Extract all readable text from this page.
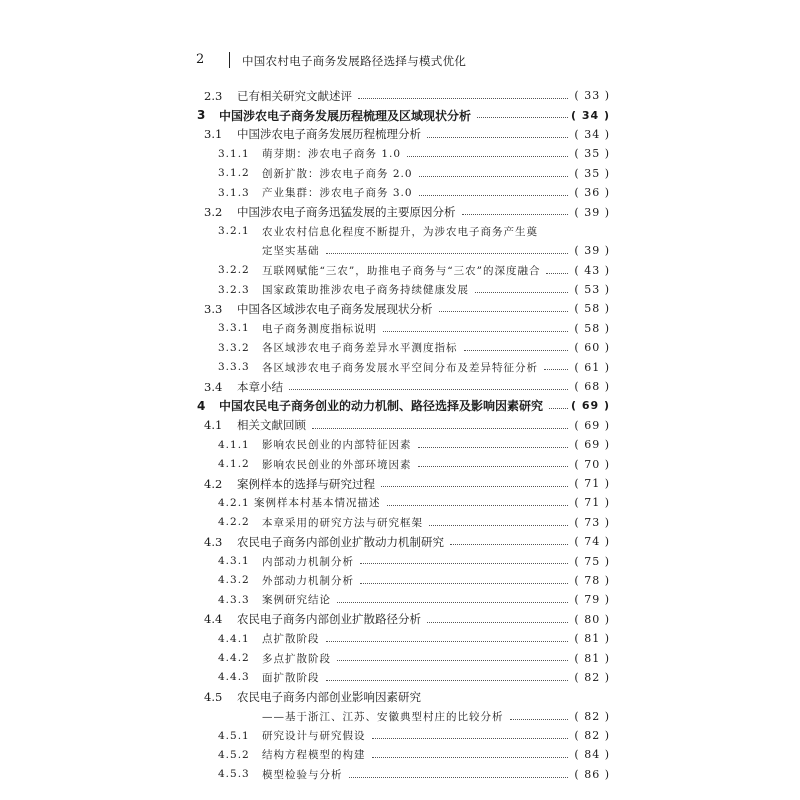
2	中国农村电子商务发展路径选择与模式优化
2.3	已有相关研究文献述评	( 33 )
3	中国涉农电子商务发展历程梳理及区域现状分析	( 34 )
3.1	中国涉农电子商务发展历程梳理分析	( 34 )
3.1.1	萌芽期：涉农电子商务 1.0	( 35 )
3.1.2	创新扩散：涉农电子商务 2.0	( 35 )
3.1.3	产业集群：涉农电子商务 3.0	( 36 )
3.2	中国涉农电子商务迅猛发展的主要原因分析	( 39 )
3.2.1	农业农村信息化程度不断提升，为涉农电子商务产生奠
定坚实基础	( 39 )
3.2.2	互联网赋能“三农”，助推电子商务与“三农”的深度融合	( 43 )
3.2.3	国家政策助推涉农电子商务持续健康发展	( 53 )
3.3	中国各区域涉农电子商务发展现状分析	( 58 )
3.3.1	电子商务测度指标说明	( 58 )
3.3.2	各区域涉农电子商务差异水平测度指标	( 60 )
3.3.3	各区域涉农电子商务发展水平空间分布及差异特征分析	( 61 )
3.4	本章小结	( 68 )
4	中国农民电子商务创业的动力机制、路径选择及影响因素研究	( 69 )
4.1	相关文献回顾	( 69 )
4.1.1	影响农民创业的内部特征因素	( 69 )
4.1.2	影响农民创业的外部环境因素	( 70 )
4.2	案例样本的选择与研究过程	( 71 )
4.2.1 案例样本村基本情况描述	( 71 )
4.2.2	本章采用的研究方法与研究框架	( 73 )
4.3	农民电子商务内部创业扩散动力机制研究	( 74 )
4.3.1	内部动力机制分析	( 75 )
4.3.2	外部动力机制分析	( 78 )
4.3.3	案例研究结论	( 79 )
4.4	农民电子商务内部创业扩散路径分析	( 80 )
4.4.1	点扩散阶段	( 81 )
4.4.2	多点扩散阶段	( 81 )
4.4.3	面扩散阶段	( 82 )
4.5	农民电子商务内部创业影响因素研究
——基于浙江、江苏、安徽典型村庄的比较分析	( 82 )
4.5.1	研究设计与研究假设	( 82 )
4.5.2	结构方程模型的构建	( 84 )
4.5.3	模型检验与分析	( 86 )
